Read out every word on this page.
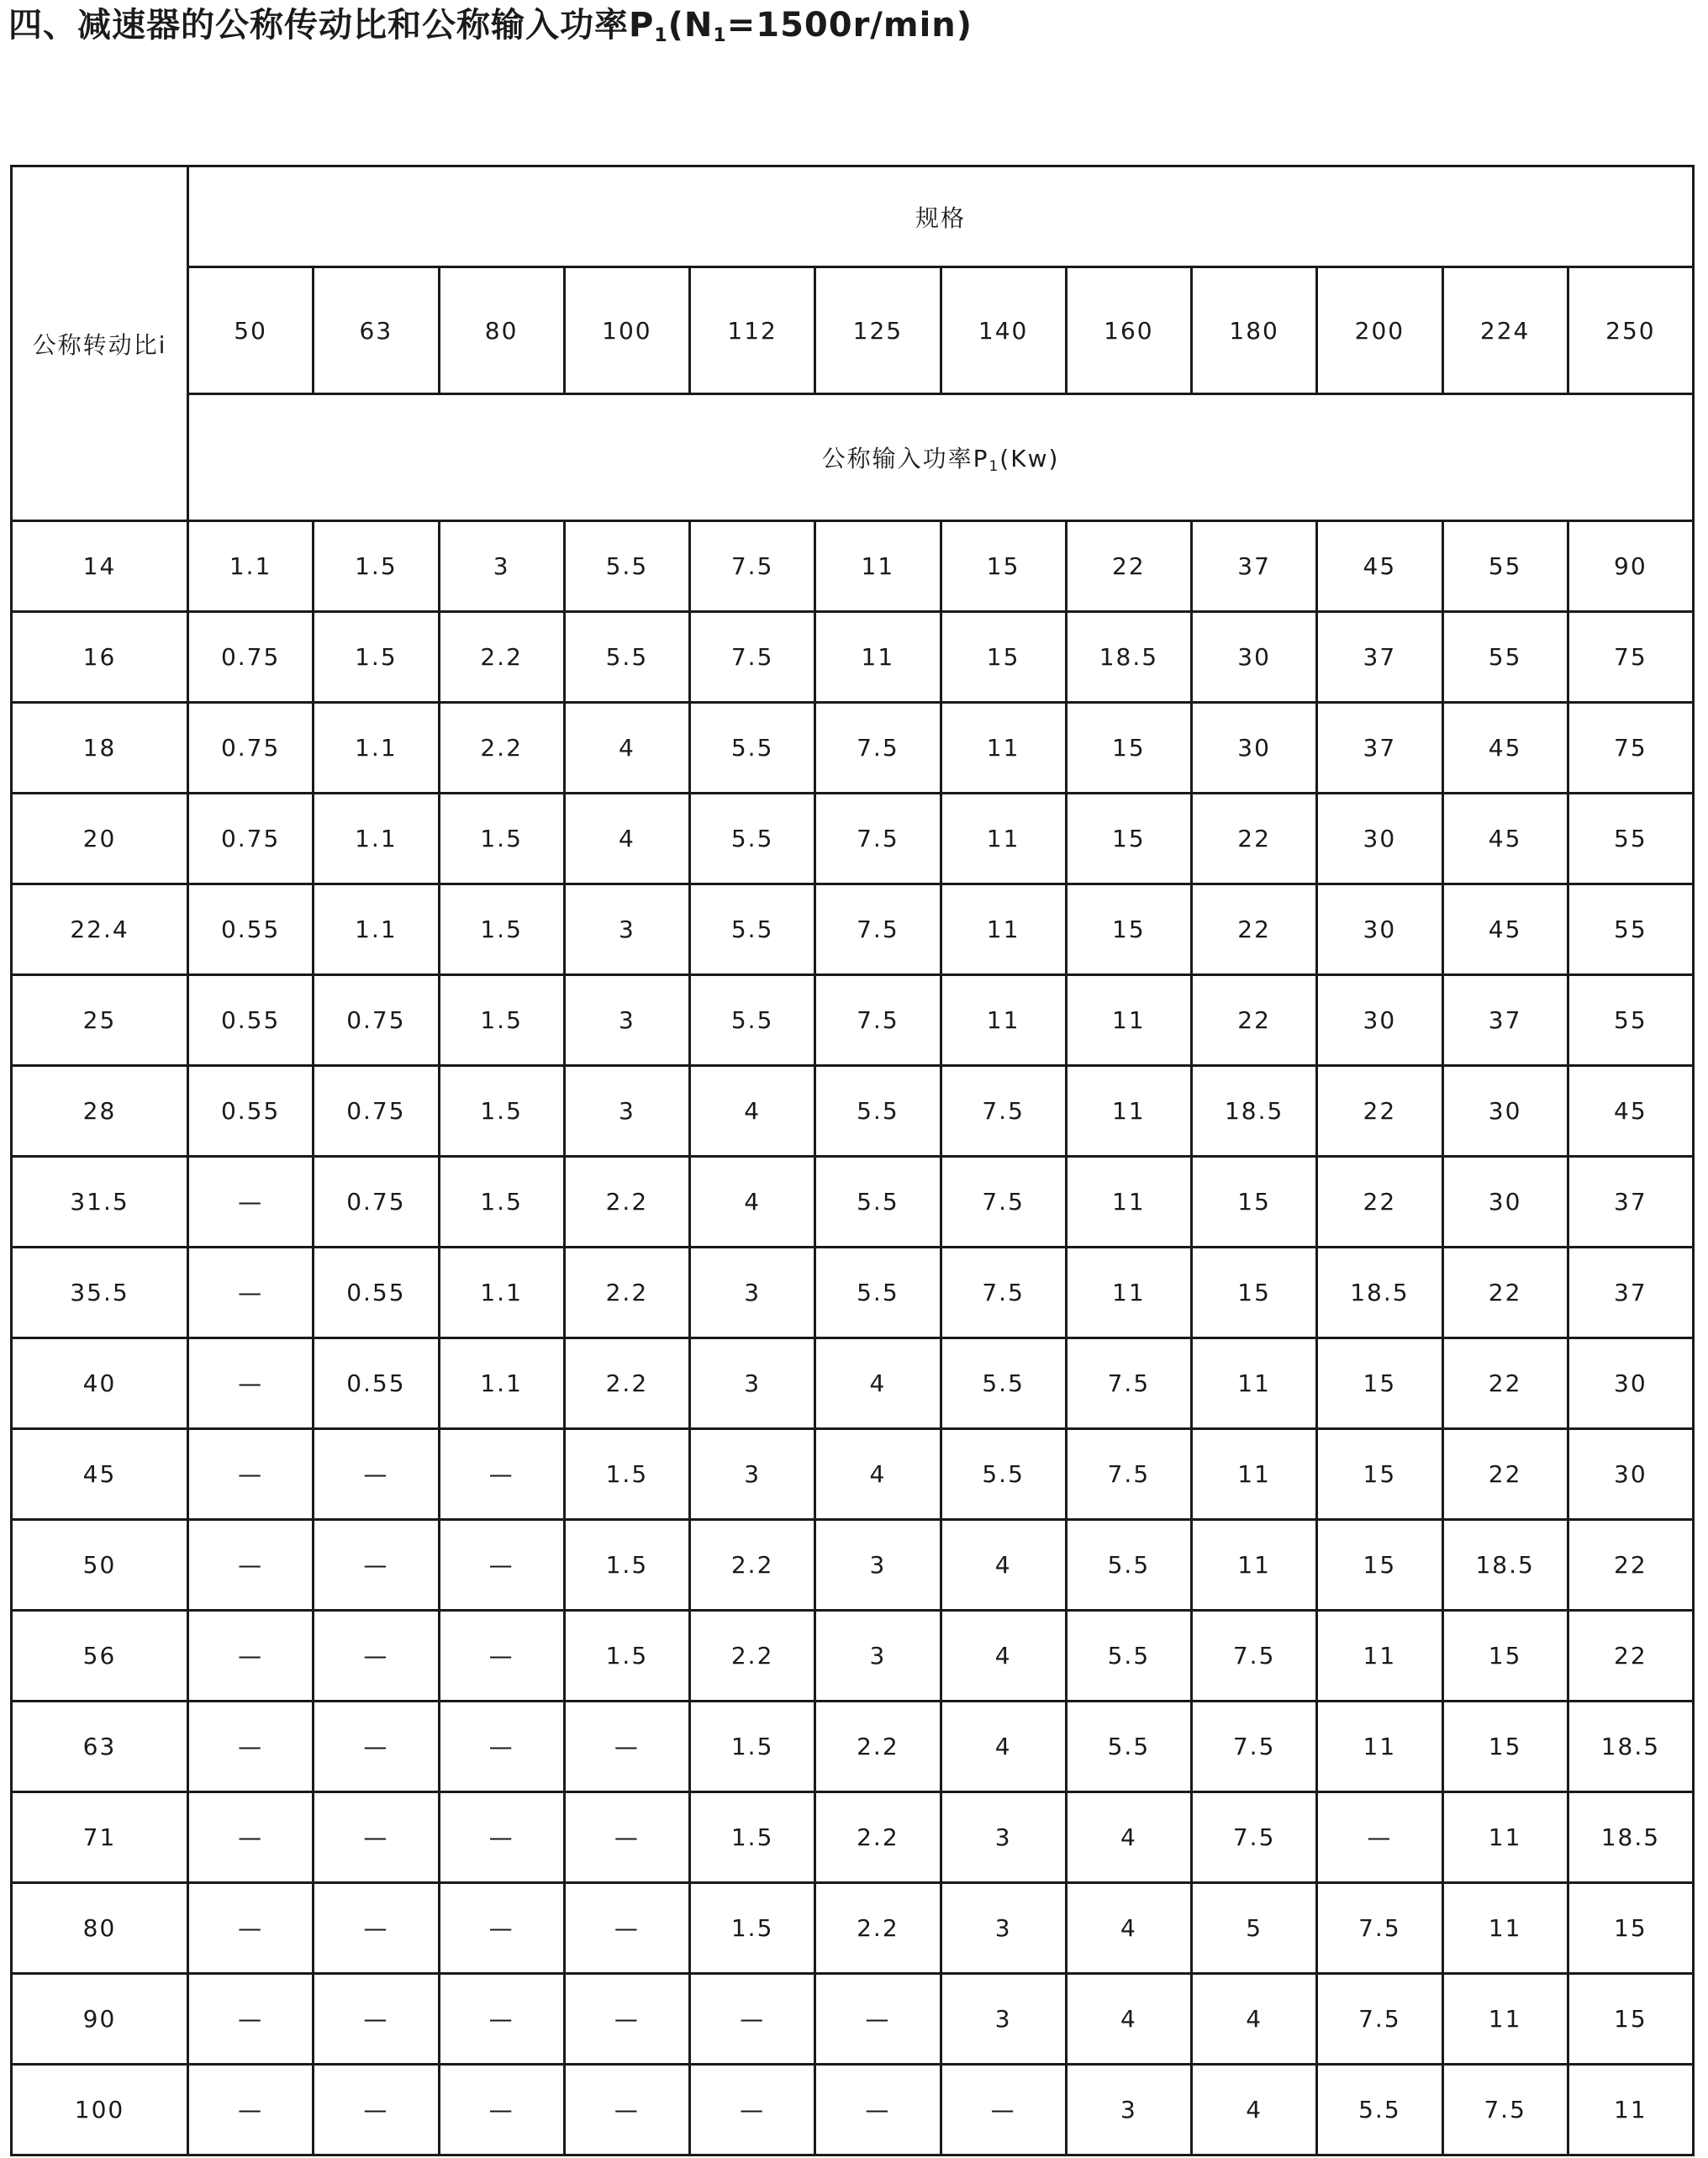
四、减速器的公称传动比和公称输入功率$P_1(N_1=1500r/\min)$
公称转动比i	规格											
	50	63	80	100	112	125	140	160	180	200	224	250
	公称输入功率$P_1(Kw)$											
14	1.1	1.5	3	5.5	7.5	11	15	22	37	45	55	90
16	0.75	1.5	2.2	5.5	7.5	11	15	18.5	30	37	55	75
18	0.75	1.1	2.2	4	5.5	7.5	11	15	30	37	45	75
20	0.75	1.1	1.5	4	5.5	7.5	11	15	22	30	45	55
22.4	0.55	1.1	1.5	3	5.5	7.5	11	15	22	30	45	55
25	0.55	0.75	1.5	3	5.5	7.5	11	11	22	30	37	55
28	0.55	0.75	1.5	3	4	5.5	7.5	11	18.5	22	30	45
31.5	—	0.75	1.5	2.2	4	5.5	7.5	11	15	22	30	37
35.5	—	0.55	1.1	2.2	3	5.5	7.5	11	15	18.5	22	37
40	—	0.55	1.1	2.2	3	4	5.5	7.5	11	15	22	30
45	—	—	—	1.5	3	4	5.5	7.5	11	15	22	30
50	—	—	—	1.5	2.2	3	4	5.5	11	15	18.5	22
56	—	—	—	1.5	2.2	3	4	5.5	7.5	11	15	22
63	—	—	—	—	1.5	2.2	4	5.5	7.5	11	15	18.5
71	—	—	—	—	1.5	2.2	3	4	7.5	—	11	18.5
80	—	—	—	—	1.5	2.2	3	4	5	7.5	11	15
90	—	—	—	—	—	—	3	4	4	7.5	11	15
100	—	—	—	—	—	—	—	3	4	5.5	7.5	11
